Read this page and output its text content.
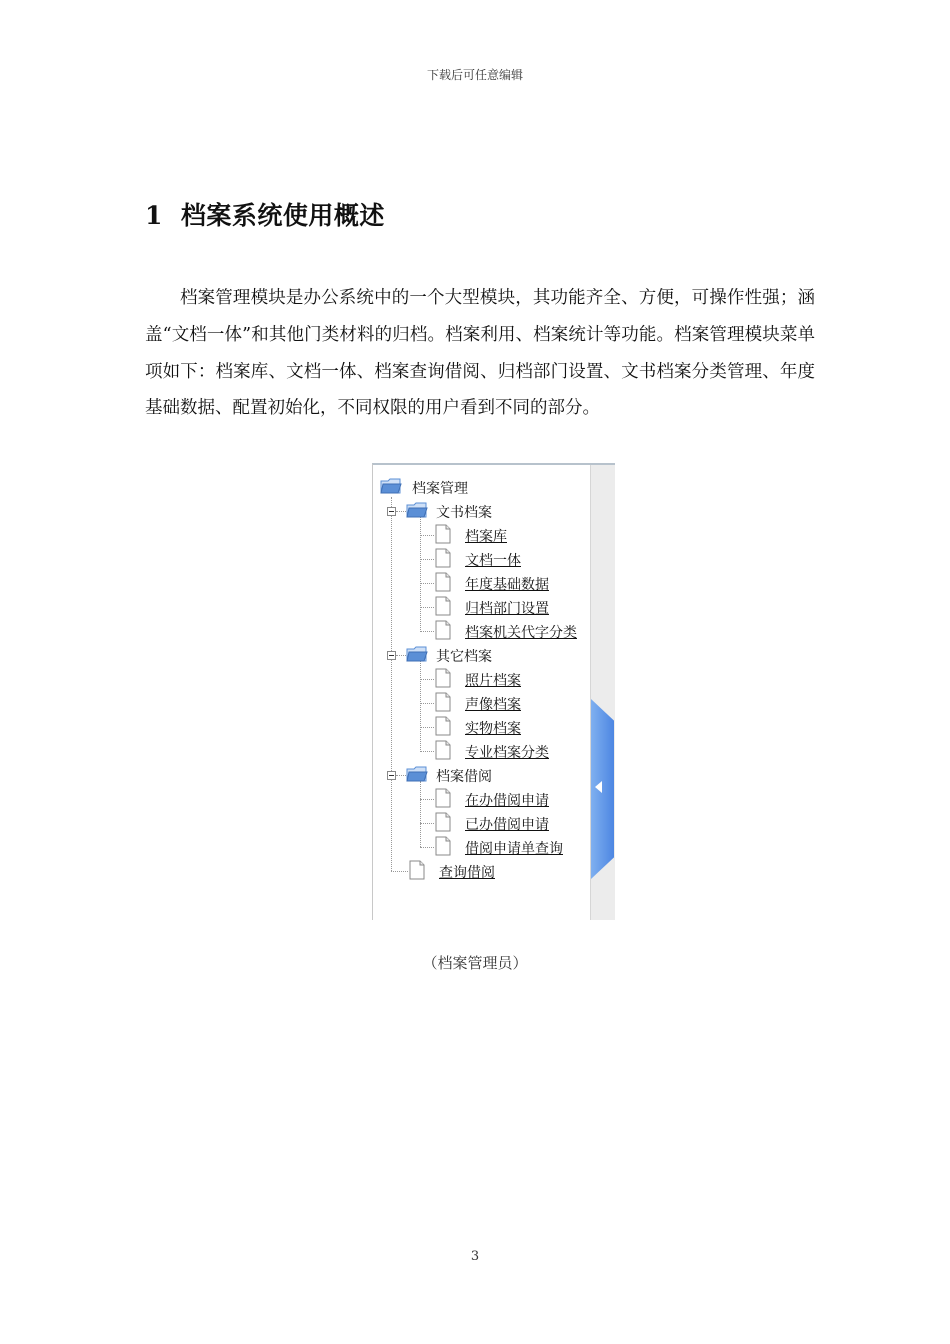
下载后可任意编辑
1 档案系统使用概述

档案管理模块是办公系统中的一个大型模块，其功能齐全、方便，可操作性强；涵盖“文档一体”和其他门类材料的归档。档案利用、档案统计等功能。档案管理模块菜单项如下：档案库、文档一体、档案查询借阅、归档部门设置、文书档案分类管理、年度基础数据、配置初始化，不同权限的用户看到不同的部分。

档案管理
文书档案
档案库
文档一体
年度基础数据
归档部门设置
档案机关代字分类
其它档案
照片档案
声像档案
实物档案
专业档案分类
档案借阅
在办借阅申请
已办借阅申请
借阅申请单查询
查询借阅
（档案管理员）
3
